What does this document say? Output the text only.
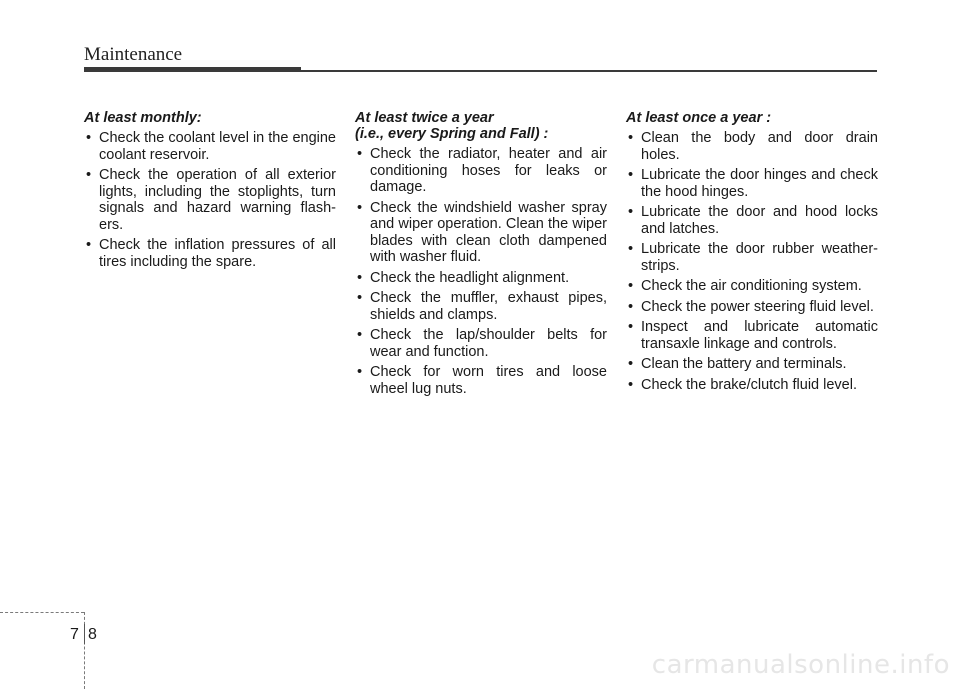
Maintenance
At least monthly:
• Check the coolant level in the engine coolant reservoir.
• Check the operation of all exterior lights, including the stoplights, turn signals and hazard warning flash-ers.
• Check the inflation pressures of all tires including the spare.
At least twice a year
(i.e., every Spring and Fall) :
• Check the radiator, heater and air conditioning hoses for leaks or damage.
• Check the windshield washer spray and wiper operation. Clean the wiper blades with clean cloth dampened with washer fluid.
• Check the headlight alignment.
• Check the muffler, exhaust pipes, shields and clamps.
• Check the lap/shoulder belts for wear and function.
• Check for worn tires and loose wheel lug nuts.
At least once a year :
• Clean the body and door drain holes.
• Lubricate the door hinges and check the hood hinges.
• Lubricate the door and hood locks and latches.
• Lubricate the door rubber weather-strips.
• Check the air conditioning system.
• Check the power steering fluid level.
• Inspect and lubricate automatic transaxle linkage and controls.
• Clean the battery and terminals.
• Check the brake/clutch fluid level.
7 8
carmanualsonline.info
